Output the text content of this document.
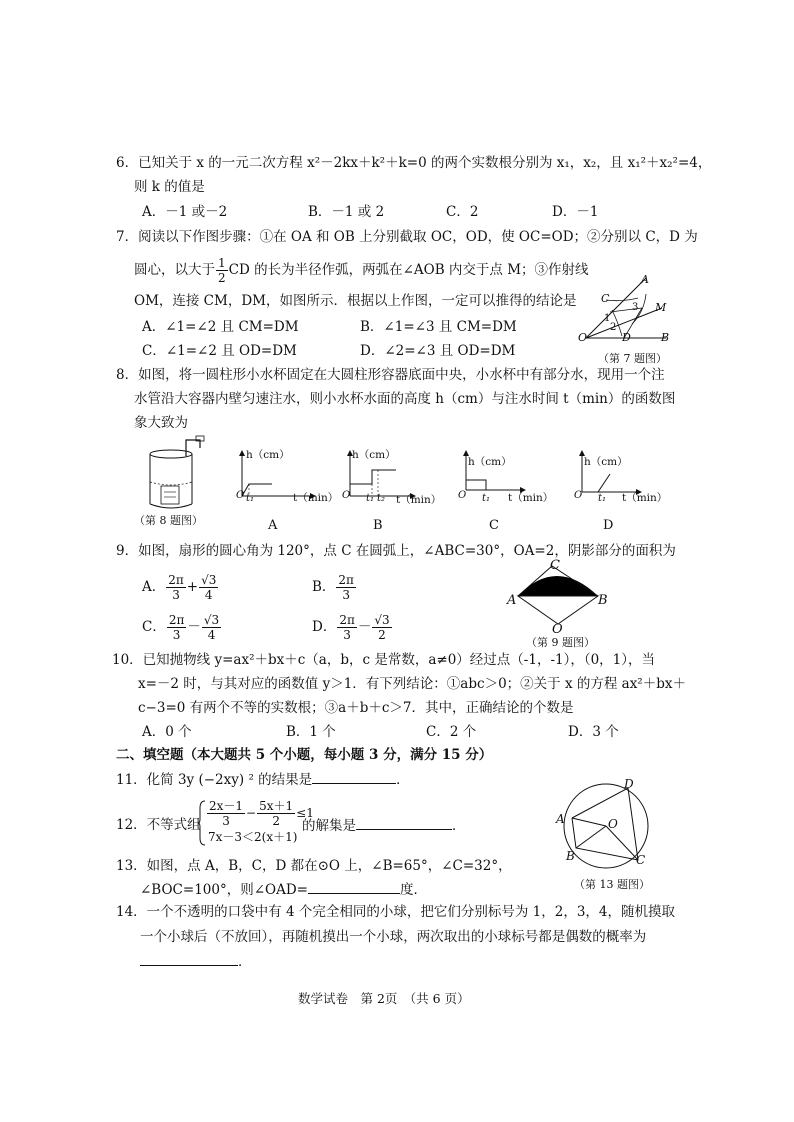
6．已知关于 x 的一元二次方程 x²－2kx＋k²＋k=0 的两个实数根分别为 x₁，x₂，且 x₁²＋x₂²=4，
则 k 的值是
A．－1 或－2	B．－1 或 2	C．2	D．－1
7．阅读以下作图步骤：①在 OA 和 OB 上分别截取 OC，OD，使 OC=OD；②分别以 C，D 为
圆心，以大于 $\frac{1}{2}$ CD 的长为半径作弧，两弧在∠AOB 内交于点 M；③作射线
OM，连接 CM，DM，如图所示．根据以上作图，一定可以推得的结论是
A．∠1=∠2 且 CM=DM	B．∠1=∠3 且 CM=DM
C．∠1=∠2 且 OD=DM	D．∠2=∠3 且 OD=DM
A
C
M
O	D	B
1
2
3
（第 7 题图）
8．如图，将一圆柱形小水杯固定在大圆柱形容器底面中央，小水杯中有部分水，现用一个注
水管沿大容器内壁匀速注水，则小水杯水面的高度 h（cm）与注水时间 t（min）的函数图
象大致为
（第 8 题图）
h（cm）
t（min）
O t₁
A
h（cm）
t（min）
O t₁ t₂
B
h（cm）
t（min）
O t₁
C
h（cm）
t（min）
O t₁
D
9．如图，扇形的圆心角为 120°，点 C 在圆弧上，∠ABC=30°，OA=2，阴影部分的面积为
A． $\frac{2\pi}{3} + \frac{√3}{4}$	B． $\frac{2\pi}{3}$
C． $\frac{2\pi}{3} - \frac{√3}{4}$	D． $\frac{2\pi}{3} - \frac{√3}{2}$
C
A	B
O
（第 9 题图）
10．已知抛物线 y=ax²＋bx＋c（a，b，c 是常数，a≠0）经过点（-1，-1），（0，1），当
x=－2 时，与其对应的函数值 y＞1．有下列结论：①abc＞0；②关于 x 的方程 ax²＋bx＋
c−3=0 有两个不等的实数根；③a＋b＋c＞7．其中，正确结论的个数是
A．0 个	B．1 个	C．2 个	D．3 个
二、填空题（本大题共 5 个小题，每小题 3 分，满分 15 分）
11．化简 3y (−2xy) ² 的结果是	．
12．不等式组 $\frac{2x-1}{3} - \frac{5x+1}{2} \le 1$
7x－3＜2(x＋1)
的解集是	．
13．如图，点 A，B，C，D 都在⊙O 上，∠B=65°，∠C=32°，
∠BOC=100°，则∠OAD=	度．
D
A	O
B	C
（第 13 题图）
14．一个不透明的口袋中有 4 个完全相同的小球，把它们分别标号为 1，2，3，4，随机摸取
一个小球后（不放回），再随机摸出一个小球，两次取出的小球标号都是偶数的概率为
．
数学试卷　第 2页　（共 6 页）
